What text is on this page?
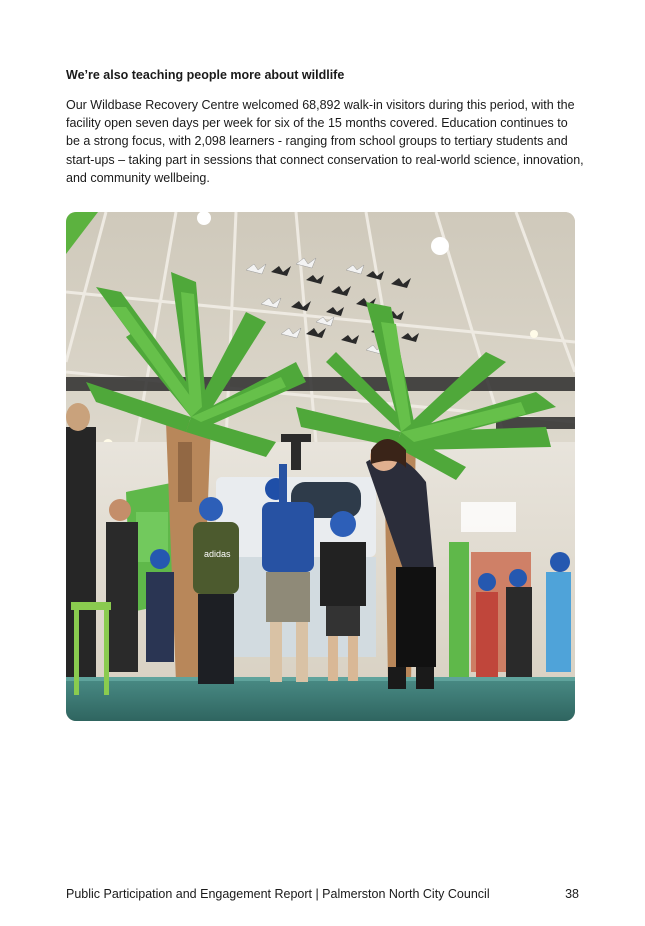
We’re also teaching people more about wildlife

Our Wildbase Recovery Centre welcomed 68,892 walk-in visitors during this period, with the facility open seven days per week for six of the 15 months covered. Education continues to be a strong focus, with 2,098 learners - ranging from school groups to tertiary students and start-ups – taking part in sessions that connect conservation to real-world science, innovation, and community wellbeing.

adidas
Public Participation and Engagement Report | Palmerston North City Council	38
